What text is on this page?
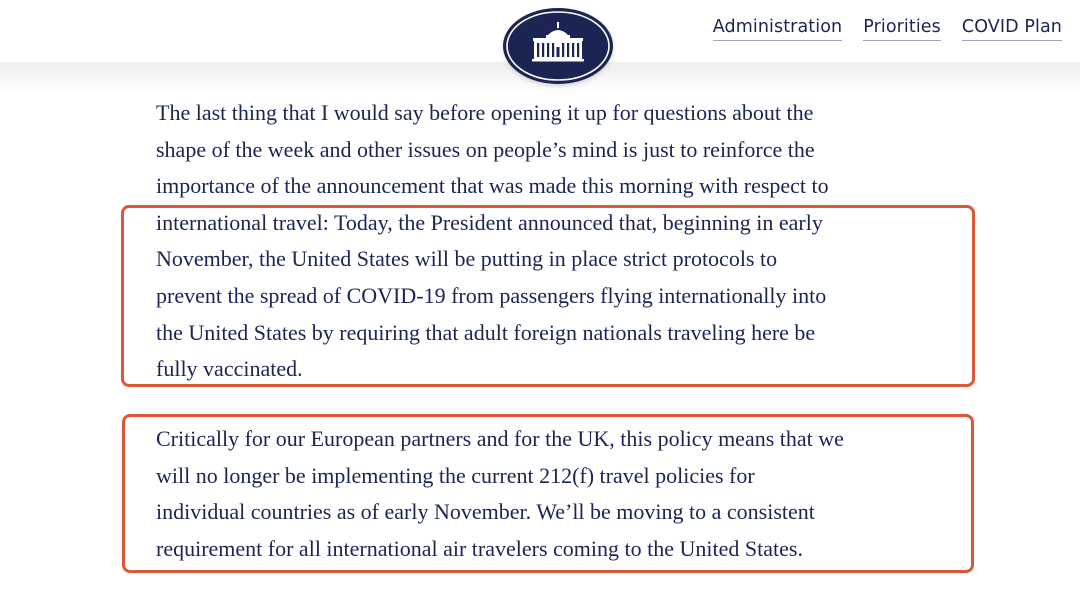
Administration Priorities COVID Plan

The last thing that I would say before opening it up for questions about the
shape of the week and other issues on people’s mind is just to reinforce the
importance of the announcement that was made this morning with respect to
international travel: Today, the President announced that, beginning in early
November, the United States will be putting in place strict protocols to
prevent the spread of COVID-19 from passengers flying internationally into
the United States by requiring that adult foreign nationals traveling here be
fully vaccinated.

Critically for our European partners and for the UK, this policy means that we
will no longer be implementing the current 212(f) travel policies for
individual countries as of early November. We’ll be moving to a consistent
requirement for all international air travelers coming to the United States.
